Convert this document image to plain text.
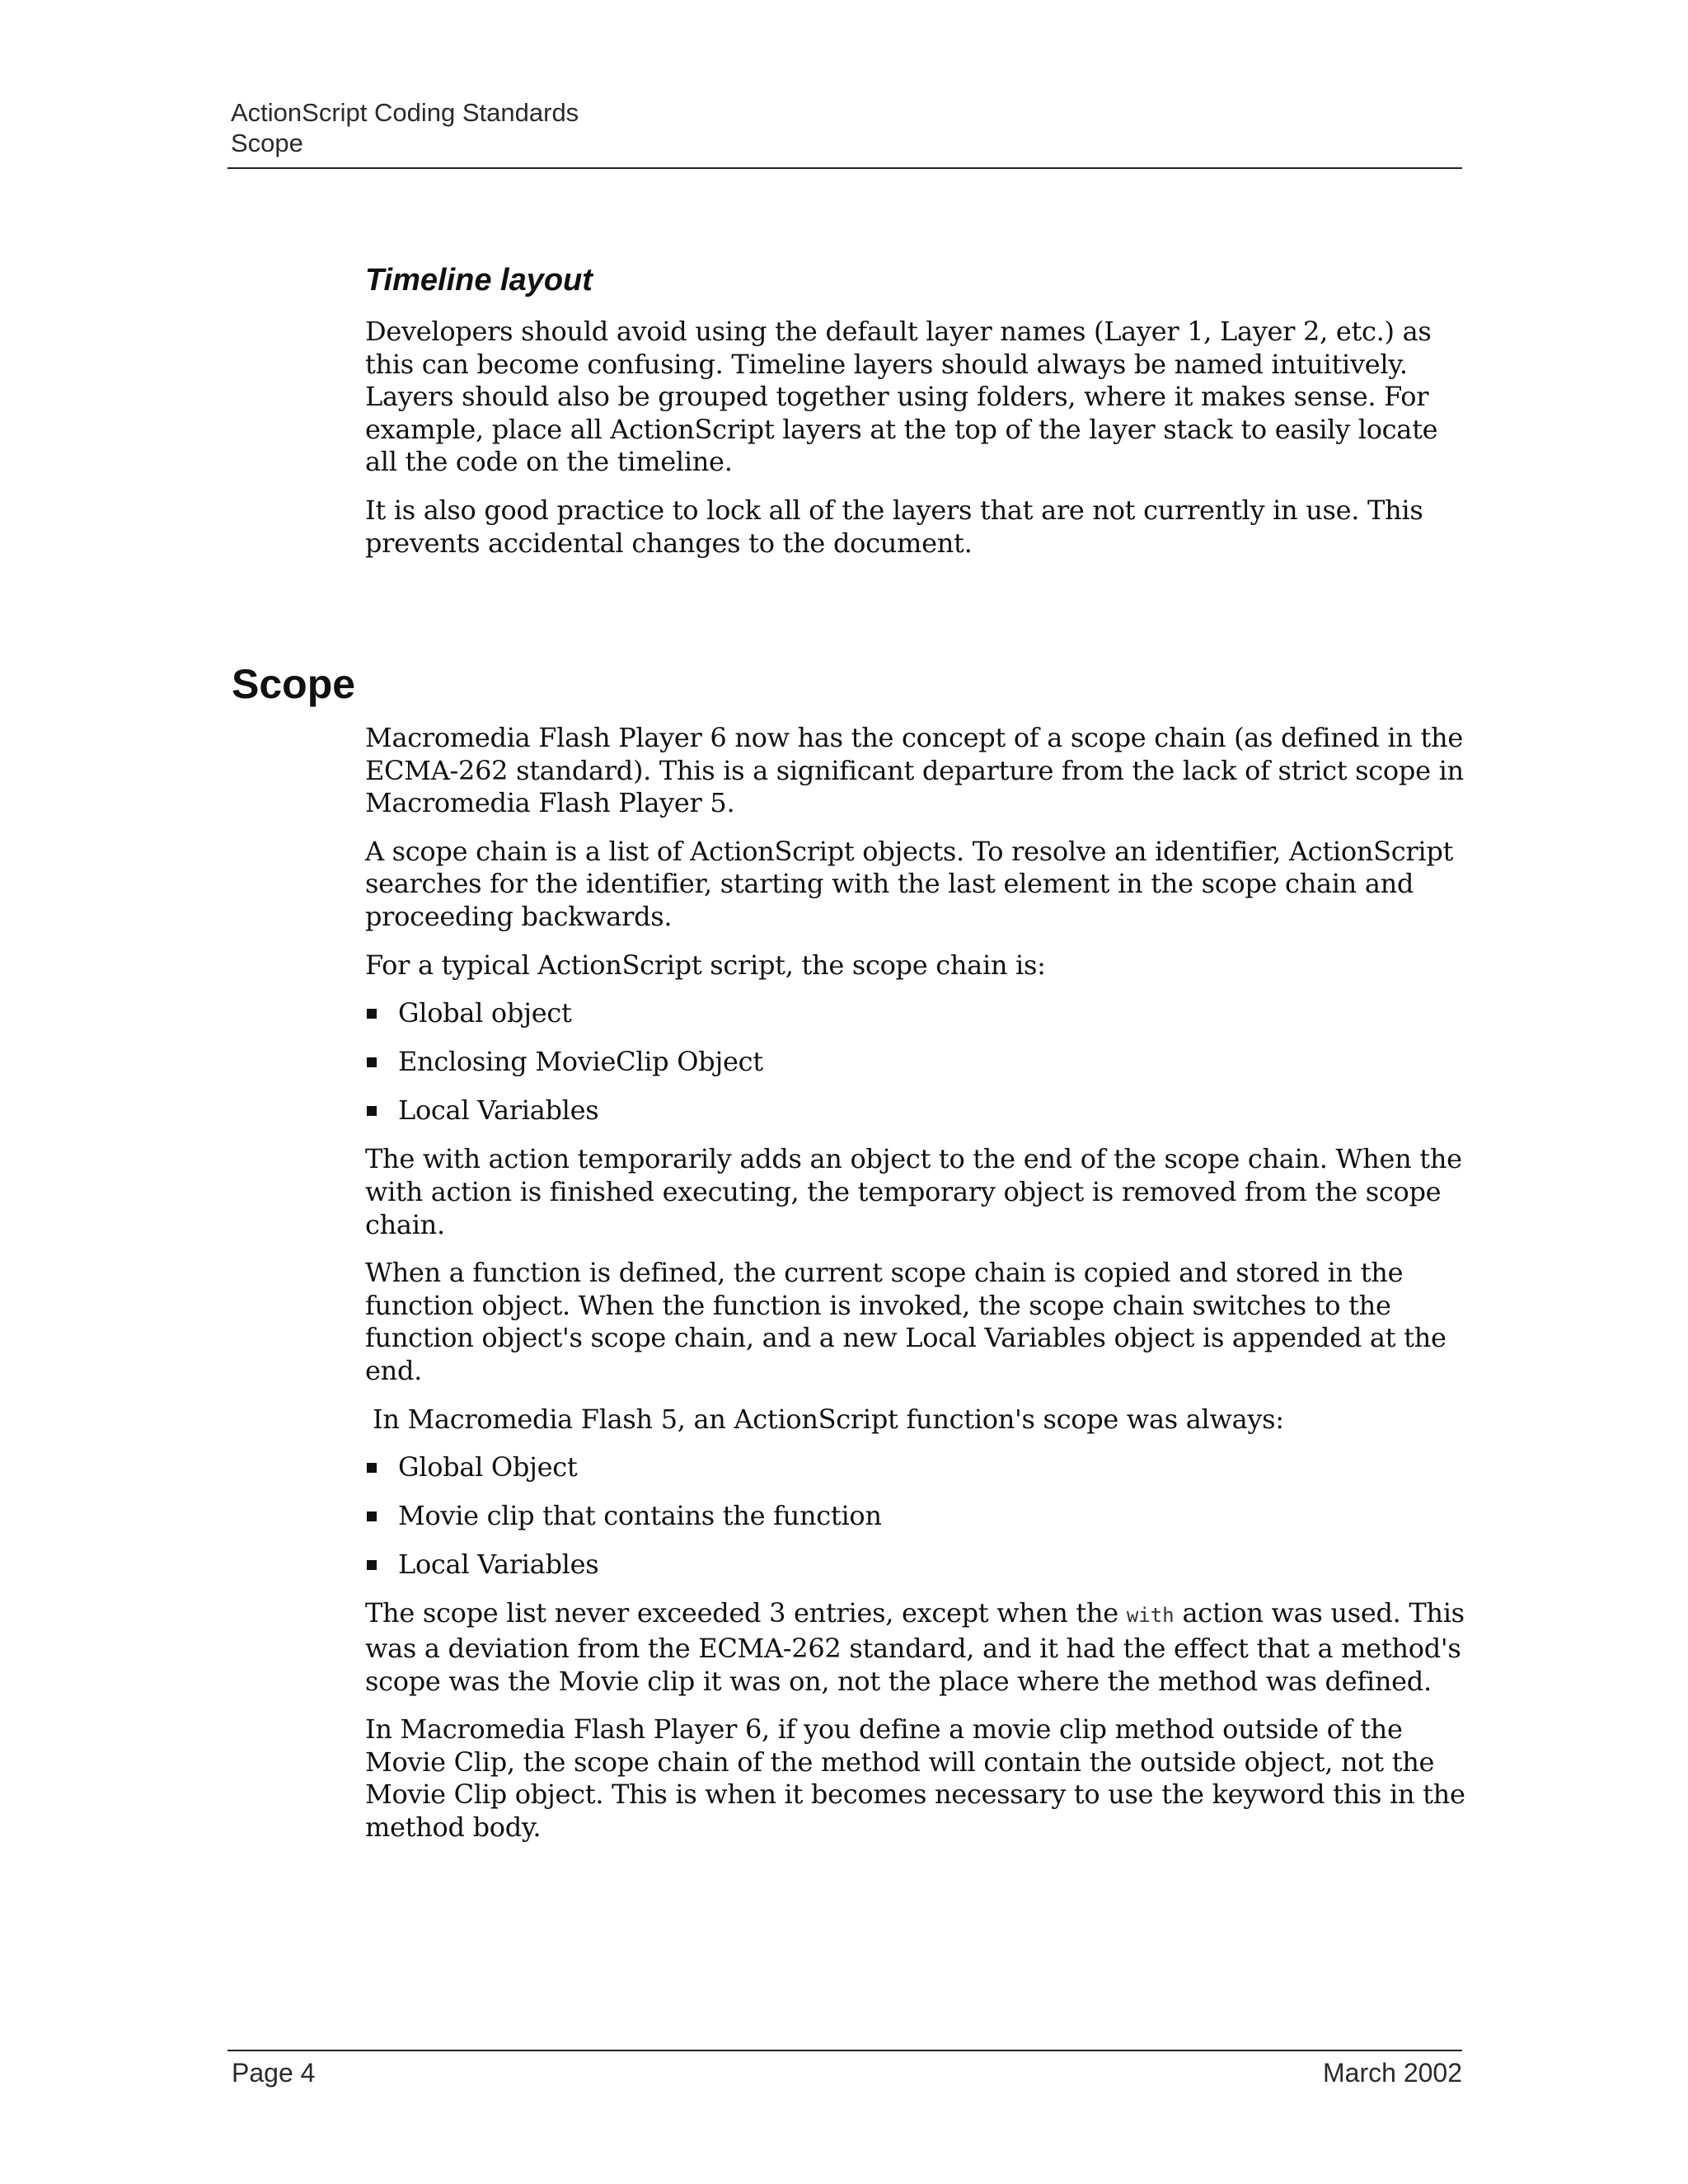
ActionScript Coding Standards
Scope
Timeline layout

Developers should avoid using the default layer names (Layer 1, Layer 2, etc.) as this can become confusing. Timeline layers should always be named intuitively. Layers should also be grouped together using folders, where it makes sense. For example, place all ActionScript layers at the top of the layer stack to easily locate all the code on the timeline.

It is also good practice to lock all of the layers that are not currently in use. This prevents accidental changes to the document.

Scope

Macromedia Flash Player 6 now has the concept of a scope chain (as defined in the ECMA-262 standard). This is a significant departure from the lack of strict scope in Macromedia Flash Player 5.

A scope chain is a list of ActionScript objects. To resolve an identifier, ActionScript searches for the identifier, starting with the last element in the scope chain and proceeding backwards.

For a typical ActionScript script, the scope chain is:

Global object
Enclosing MovieClip Object
Local Variables

The with action temporarily adds an object to the end of the scope chain. When the with action is finished executing, the temporary object is removed from the scope chain.

When a function is defined, the current scope chain is copied and stored in the function object. When the function is invoked, the scope chain switches to the function object's scope chain, and a new Local Variables object is appended at the end.

In Macromedia Flash 5, an ActionScript function's scope was always:

Global Object
Movie clip that contains the function
Local Variables

The scope list never exceeded 3 entries, except when the with action was used. This was a deviation from the ECMA-262 standard, and it had the effect that a method's scope was the Movie clip it was on, not the place where the method was defined.

In Macromedia Flash Player 6, if you define a movie clip method outside of the Movie Clip, the scope chain of the method will contain the outside object, not the Movie Clip object. This is when it becomes necessary to use the keyword this in the method body.

Page 4	March 2002
